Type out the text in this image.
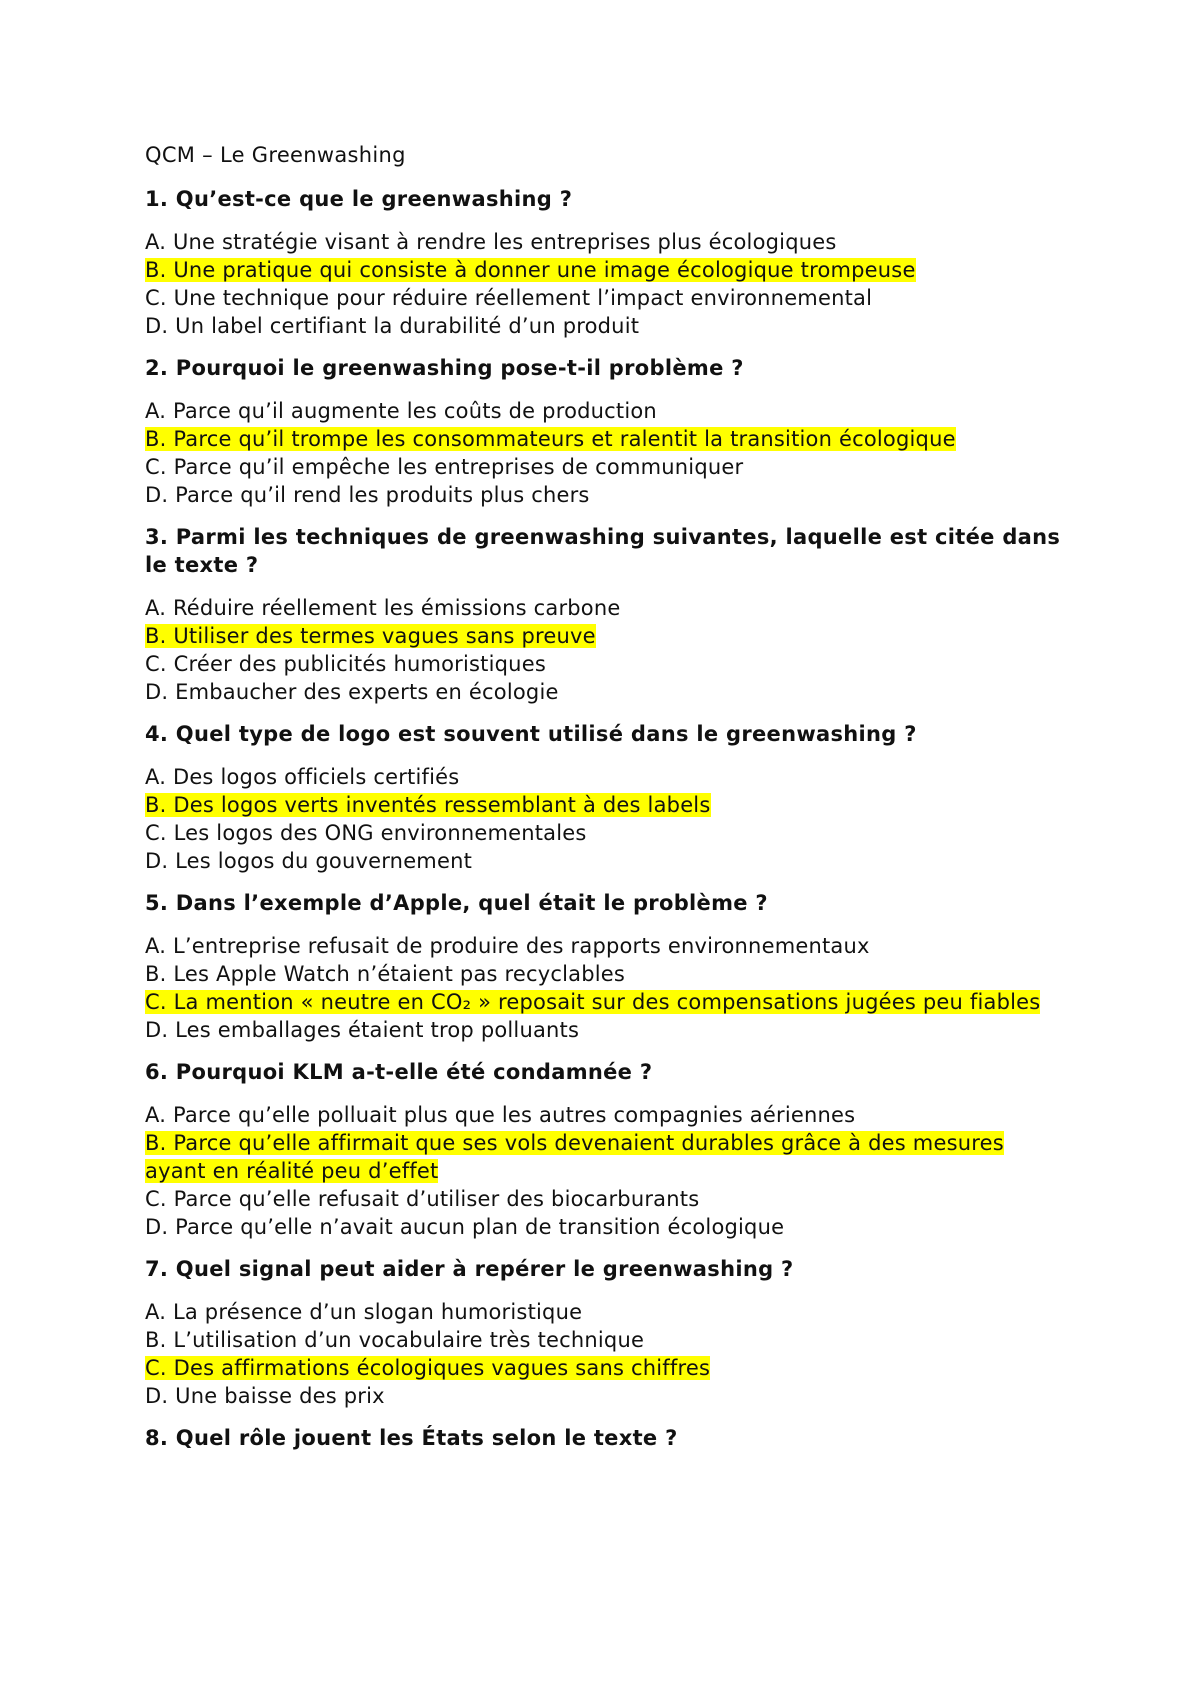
QCM – Le Greenwashing

1. Qu’est-ce que le greenwashing ?

A. Une stratégie visant à rendre les entreprises plus écologiques
B. Une pratique qui consiste à donner une image écologique trompeuse
C. Une technique pour réduire réellement l’impact environnemental
D. Un label certifiant la durabilité d’un produit

2. Pourquoi le greenwashing pose-t-il problème ?

A. Parce qu’il augmente les coûts de production
B. Parce qu’il trompe les consommateurs et ralentit la transition écologique
C. Parce qu’il empêche les entreprises de communiquer
D. Parce qu’il rend les produits plus chers

3. Parmi les techniques de greenwashing suivantes, laquelle est citée dans le texte ?

A. Réduire réellement les émissions carbone
B. Utiliser des termes vagues sans preuve
C. Créer des publicités humoristiques
D. Embaucher des experts en écologie

4. Quel type de logo est souvent utilisé dans le greenwashing ?

A. Des logos officiels certifiés
B. Des logos verts inventés ressemblant à des labels
C. Les logos des ONG environnementales
D. Les logos du gouvernement

5. Dans l’exemple d’Apple, quel était le problème ?

A. L’entreprise refusait de produire des rapports environnementaux
B. Les Apple Watch n’étaient pas recyclables
C. La mention « neutre en CO₂ » reposait sur des compensations jugées peu fiables
D. Les emballages étaient trop polluants

6. Pourquoi KLM a-t-elle été condamnée ?

A. Parce qu’elle polluait plus que les autres compagnies aériennes
B. Parce qu’elle affirmait que ses vols devenaient durables grâce à des mesures ayant en réalité peu d’effet
C. Parce qu’elle refusait d’utiliser des biocarburants
D. Parce qu’elle n’avait aucun plan de transition écologique

7. Quel signal peut aider à repérer le greenwashing ?

A. La présence d’un slogan humoristique
B. L’utilisation d’un vocabulaire très technique
C. Des affirmations écologiques vagues sans chiffres
D. Une baisse des prix

8. Quel rôle jouent les États selon le texte ?
